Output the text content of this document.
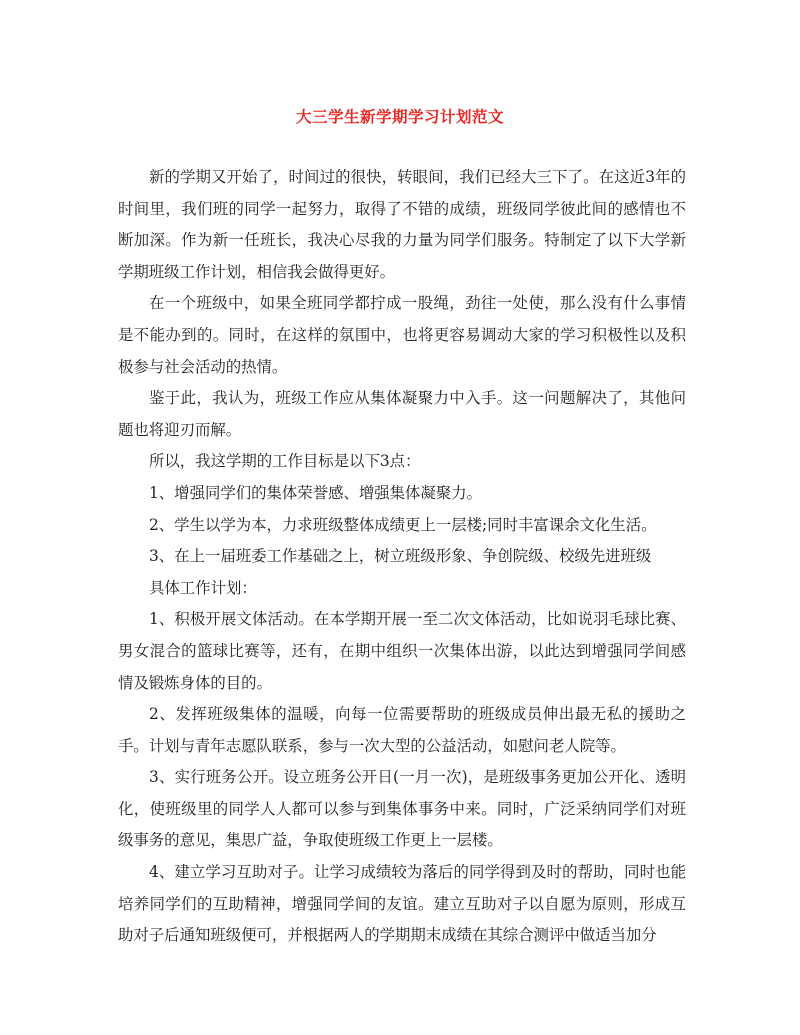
大三学生新学期学习计划范文

新的学期又开始了，时间过的很快，转眼间，我们已经大三下了。在这近3年的时间里，我们班的同学一起努力，取得了不错的成绩，班级同学彼此间的感情也不断加深。作为新一任班长，我决心尽我的力量为同学们服务。特制定了以下大学新学期班级工作计划，相信我会做得更好。

在一个班级中，如果全班同学都拧成一股绳，劲往一处使，那么没有什么事情是不能办到的。同时，在这样的氛围中，也将更容易调动大家的学习积极性以及积极参与社会活动的热情。

鉴于此，我认为，班级工作应从集体凝聚力中入手。这一问题解决了，其他问题也将迎刃而解。

所以，我这学期的工作目标是以下3点：

1、增强同学们的集体荣誉感、增强集体凝聚力。

2、学生以学为本，力求班级整体成绩更上一层楼;同时丰富课余文化生活。

3、在上一届班委工作基础之上，树立班级形象、争创院级、校级先进班级

具体工作计划：

1、积极开展文体活动。在本学期开展一至二次文体活动，比如说羽毛球比赛、男女混合的篮球比赛等，还有，在期中组织一次集体出游，以此达到增强同学间感情及锻炼身体的目的。

2、发挥班级集体的温暖，向每一位需要帮助的班级成员伸出最无私的援助之手。计划与青年志愿队联系，参与一次大型的公益活动，如慰问老人院等。

3、实行班务公开。设立班务公开日(一月一次)，是班级事务更加公开化、透明化，使班级里的同学人人都可以参与到集体事务中来。同时，广泛采纳同学们对班级事务的意见，集思广益，争取使班级工作更上一层楼。

4、建立学习互助对子。让学习成绩较为落后的同学得到及时的帮助，同时也能培养同学们的互助精神，增强同学间的友谊。建立互助对子以自愿为原则，形成互助对子后通知班级便可，并根据两人的学期期末成绩在其综合测评中做适当加分
